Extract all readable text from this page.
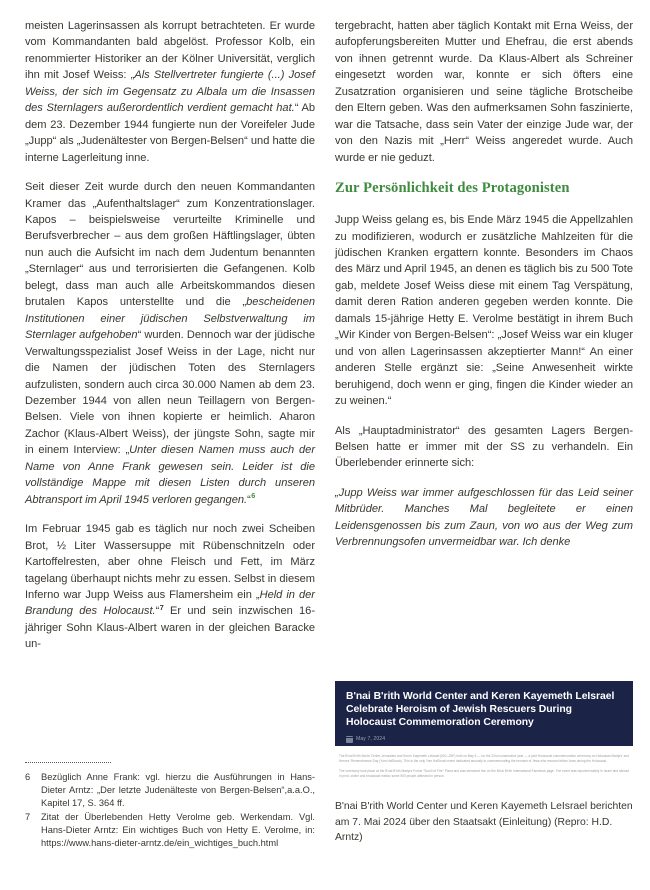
meisten Lagerinsassen als korrupt betrachteten. Er wurde vom Kommandanten bald abgelöst. Professor Kolb, ein renommierter Historiker an der Kölner Universität, verglich ihn mit Josef Weiss: „Als Stellvertreter fungierte (...) Josef Weiss, der sich im Gegensatz zu Albala um die Insassen des Sternlagers außerordentlich verdient gemacht hat.“ Ab dem 23. Dezember 1944 fungierte nun der Voreifeler Jude „Jupp“ als „Judenältester von Bergen-Belsen“ und hatte die interne Lagerleitung inne.

Seit dieser Zeit wurde durch den neuen Kommandanten Kramer das „Aufenthaltslager“ zum Konzentrationslager. Kapos – beispielsweise verurteilte Kriminelle und Berufsverbrecher – aus dem großen Häftlingslager, übten nun auch die Aufsicht im nach dem Judentum benannten „Sternlager“ aus und terrorisierten die Gefangenen. Kolb belegt, dass man auch alle Arbeitskommandos diesen brutalen Kapos unterstellte und die „bescheidenen Institutionen einer jüdischen Selbstverwaltung im Sternlager aufgehoben“ wurden. Dennoch war der jüdische Verwaltungsspezialist Josef Weiss in der Lage, nicht nur die Namen der jüdischen Toten des Sternlagers aufzulisten, sondern auch circa 30.000 Namen ab dem 23. Dezember 1944 von allen neun Teillagern von Bergen-Belsen. Viele von ihnen kopierte er heimlich. Aharon Zachor (Klaus-Albert Weiss), der jüngste Sohn, sagte mir in einem Interview: „Unter diesen Namen muss auch der Name von Anne Frank gewesen sein. Leider ist die vollständige Mappe mit diesen Listen durch unseren Abtransport im April 1945 verloren gegangen.“$^6$

Im Februar 1945 gab es täglich nur noch zwei Scheiben Brot, ½ Liter Wassersuppe mit Rübenschnitzeln oder Kartoffelresten, aber ohne Fleisch und Fett, im März tagelang überhaupt nichts mehr zu essen. Selbst in diesem Inferno war Jupp Weiss aus Flamersheim ein „Held in der Brandung des Holocaust.“$^7$ Er und sein inzwischen 16-jähriger Sohn Klaus-Albert waren in der gleichen Baracke un-

6	Bezüglich Anne Frank: vgl. hierzu die Ausführungen in Hans-Dieter Arntz: „Der letzte Judenälteste von Bergen-Belsen“,a.a.O., Kapitel 17, S. 364 ff.
7	Zitat der Überlebenden Hetty Verolme geb. Werkendam. Vgl. Hans-Dieter Arntz: Ein wichtiges Buch von Hetty E. Verolme, in: https://www.hans-dieter-arntz.de/ein_wichtiges_buch.html

tergebracht, hatten aber täglich Kontakt mit Erna Weiss, der aufopferungsbereiten Mutter und Ehefrau, die erst abends von ihnen getrennt wurde. Da Klaus-Albert als Schreiner eingesetzt worden war, konnte er sich öfters eine Zusatzration organisieren und seine tägliche Brotscheibe den Eltern geben. Was den aufmerksamen Sohn faszinierte, war die Tatsache, dass sein Vater der einzige Jude war, der von den Nazis mit „Herr“ Weiss angeredet wurde. Auch wurde er nie geduzt.

Zur Persönlichkeit des Protagonisten

Jupp Weiss gelang es, bis Ende März 1945 die Appellzahlen zu modifizieren, wodurch er zusätzliche Mahlzeiten für die jüdischen Kranken ergattern konnte. Besonders im Chaos des März und April 1945, an denen es täglich bis zu 500 Tote gab, meldete Josef Weiss diese mit einem Tag Verspätung, damit deren Ration anderen gegeben werden konnte. Die damals 15-jährige Hetty E. Verolme bestätigt in ihrem Buch „Wir Kinder von Bergen-Belsen“: „Josef Weiss war ein kluger und von allen Lagerinsassen akzeptierter Mann!“ An einer anderen Stelle ergänzt sie: „Seine Anwesenheit wirkte beruhigend, doch wenn er ging, fingen die Kinder wieder an zu weinen.“

Als „Hauptadministrator“ des gesamten Lagers Bergen-Belsen hatte er immer mit der SS zu verhandeln. Ein Überlebender erinnerte sich:

„Jupp Weiss war immer aufgeschlossen für das Leid seiner Mitbrüder. Manches Mal begleitete er einen Leidensgenossen bis zum Zaun, von wo aus der Weg zum Verbrennungsofen unvermeidbar war. Ich denke

B'nai B'rith World Center and Keren Kayemeth LeIsrael Celebrate Heroism of Jewish Rescuers During Holocaust Commemoration Ceremony

May 7, 2024

The B'nai B'rith World Center-Jerusalem and Keren Kayemeth LeIsrael (KKL-JNF) held on May 5 — for the 22nd consecutive year — a joint Holocaust commemoration ceremony on Holocaust Martyrs' and Heroes' Remembrance Day (Yom HaShoah). This is the only Yom HaShoah event dedicated annually to commemorating the heroism of Jews who rescued fellow Jews during the Holocaust.

The ceremony took place at the B'nai B'rith Martyrs Forest "Scroll of Fire" Plaza and was streamed live on the B'nai B'rith International Facebook page. The event was reported widely in Israel and abroad in print, online and broadcast media; some 900 people attended in person.

B'nai B'rith World Center und Keren Kayemeth LeIsrael berichten am 7. Mai 2024 über den Staatsakt (Einleitung) (Repro: H.D. Arntz)
